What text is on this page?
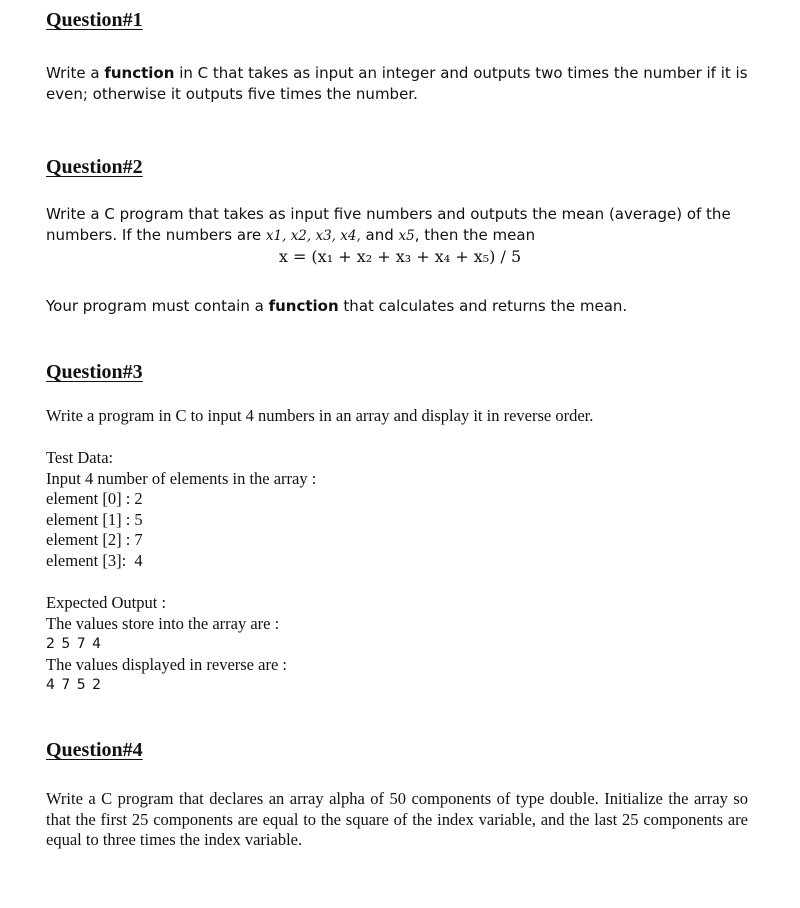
Question#1
Write a function in C that takes as input an integer and outputs two times the number if it is even; otherwise it outputs five times the number.
Question#2
Write a C program that takes as input five numbers and outputs the mean (average) of the
numbers. If the numbers are x1, x2, x3, x4, and x5, then the mean
x = (x₁ + x₂ + x₃ + x₄ + x₅) / 5
Your program must contain a function that calculates and returns the mean.
Question#3
Write a program in C to input 4 numbers in an array and display it in reverse order.
Test Data:
Input 4 number of elements in the array :
element [0] : 2
element [1] : 5
element [2] : 7
element [3]:  4
Expected Output :
The values store into the array are :
2 5 7 4
The values displayed in reverse are :
4 7 5 2
Question#4
Write a C program that declares an array alpha of 50 components of type double. Initialize the array so that the first 25 components are equal to the square of the index variable, and the last 25 components are equal to three times the index variable.
